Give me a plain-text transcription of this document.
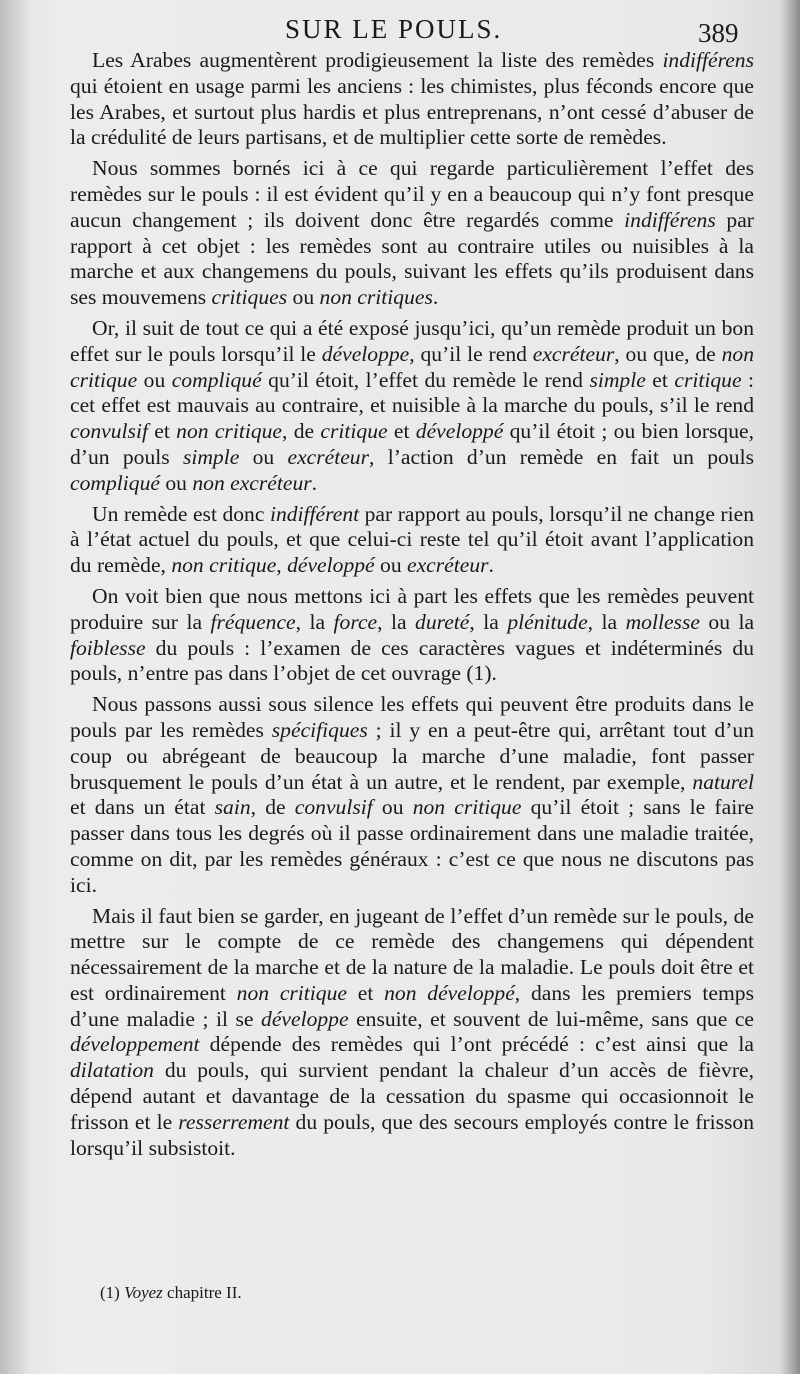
SUR LE POULS.	389

Les Arabes augmentèrent prodigieusement la liste des remèdes indifférens qui étoient en usage parmi les anciens : les chimistes, plus féconds encore que les Arabes, et surtout plus hardis et plus entreprenans, n’ont cessé d’abuser de la crédulité de leurs partisans, et de multiplier cette sorte de remèdes.

Nous sommes bornés ici à ce qui regarde particulièrement l’effet des remèdes sur le pouls : il est évident qu’il y en a beaucoup qui n’y font presque aucun changement ; ils doivent donc être regardés comme indifférens par rapport à cet objet : les remèdes sont au contraire utiles ou nuisibles à la marche et aux changemens du pouls, suivant les effets qu’ils produisent dans ses mouvemens critiques ou non critiques.

Or, il suit de tout ce qui a été exposé jusqu’ici, qu’un remède produit un bon effet sur le pouls lorsqu’il le développe, qu’il le rend excréteur, ou que, de non critique ou compliqué qu’il étoit, l’effet du remède le rend simple et critique : cet effet est mauvais au contraire, et nuisible à la marche du pouls, s’il le rend convulsif et non critique, de critique et développé qu’il étoit ; ou bien lorsque, d’un pouls simple ou excréteur, l’action d’un remède en fait un pouls compliqué ou non excréteur.

Un remède est donc indifférent par rapport au pouls, lorsqu’il ne change rien à l’état actuel du pouls, et que celui-ci reste tel qu’il étoit avant l’application du remède, non critique, développé ou excréteur.

On voit bien que nous mettons ici à part les effets que les remèdes peuvent produire sur la fréquence, la force, la dureté, la plénitude, la mollesse ou la foiblesse du pouls : l’examen de ces caractères vagues et indéterminés du pouls, n’entre pas dans l’objet de cet ouvrage (1).

Nous passons aussi sous silence les effets qui peuvent être produits dans le pouls par les remèdes spécifiques ; il y en a peut-être qui, arrêtant tout d’un coup ou abrégeant de beaucoup la marche d’une maladie, font passer brusquement le pouls d’un état à un autre, et le rendent, par exemple, naturel et dans un état sain, de convulsif ou non critique qu’il étoit ; sans le faire passer dans tous les degrés où il passe ordinairement dans une maladie traitée, comme on dit, par les remèdes généraux : c’est ce que nous ne discutons pas ici.

Mais il faut bien se garder, en jugeant de l’effet d’un remède sur le pouls, de mettre sur le compte de ce remède des changemens qui dépendent nécessairement de la marche et de la nature de la maladie. Le pouls doit être et est ordinairement non critique et non développé, dans les premiers temps d’une maladie ; il se développe ensuite, et souvent de lui-même, sans que ce développement dépende des remèdes qui l’ont précédé : c’est ainsi que la dilatation du pouls, qui survient pendant la chaleur d’un accès de fièvre, dépend autant et davantage de la cessation du spasme qui occasionnoit le frisson et le resserrement du pouls, que des secours employés contre le frisson lorsqu’il subsistoit.

(1) Voyez chapitre II.
